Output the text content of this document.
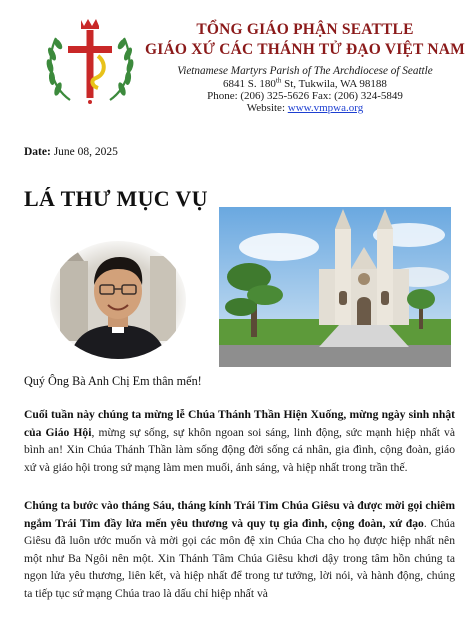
TỔNG GIÁO PHẬN SEATTLE
GIÁO XỨ CÁC THÁNH TỬ ĐẠO VIỆT NAM
Vietnamese Martyrs Parish of The Archdiocese of Seattle
6841 S. 180th St, Tukwila, WA 98188
Phone: (206) 325-5626 Fax: (206) 324-5849
Website: www.vmpwa.org
Date: June 08, 2025
LÁ THƯ MỤC VỤ
Quý Ông Bà Anh Chị Em thân mến!
Cuối tuần này chúng ta mừng lễ Chúa Thánh Thần Hiện Xuống, mừng ngày sinh nhật của Giáo Hội, mừng sự sống, sự khôn ngoan soi sáng, linh động, sức mạnh hiệp nhất và bình an! Xin Chúa Thánh Thần làm sống động đời sống cá nhân, gia đình, cộng đoàn, giáo xứ và giáo hội trong sứ mạng làm men muối, ánh sáng, và hiệp nhất trong trần thế.
Chúng ta bước vào tháng Sáu, tháng kính Trái Tim Chúa Giêsu và được mời gọi chiêm ngắm Trái Tim đầy lửa mến yêu thương và quy tụ gia đình, cộng đoàn, xứ đạo. Chúa Giêsu đã luôn ước muốn và mời gọi các môn đệ xin Chúa Cha cho họ được hiệp nhất nên một như Ba Ngôi nên một. Xin Thánh Tâm Chúa Giêsu khơi dậy trong tâm hồn chúng ta ngọn lửa yêu thương, liên kết, và hiệp nhất để trong tư tưởng, lời nói, và hành động, chúng ta tiếp tục sứ mạng Chúa trao là dấu chỉ hiệp nhất và
